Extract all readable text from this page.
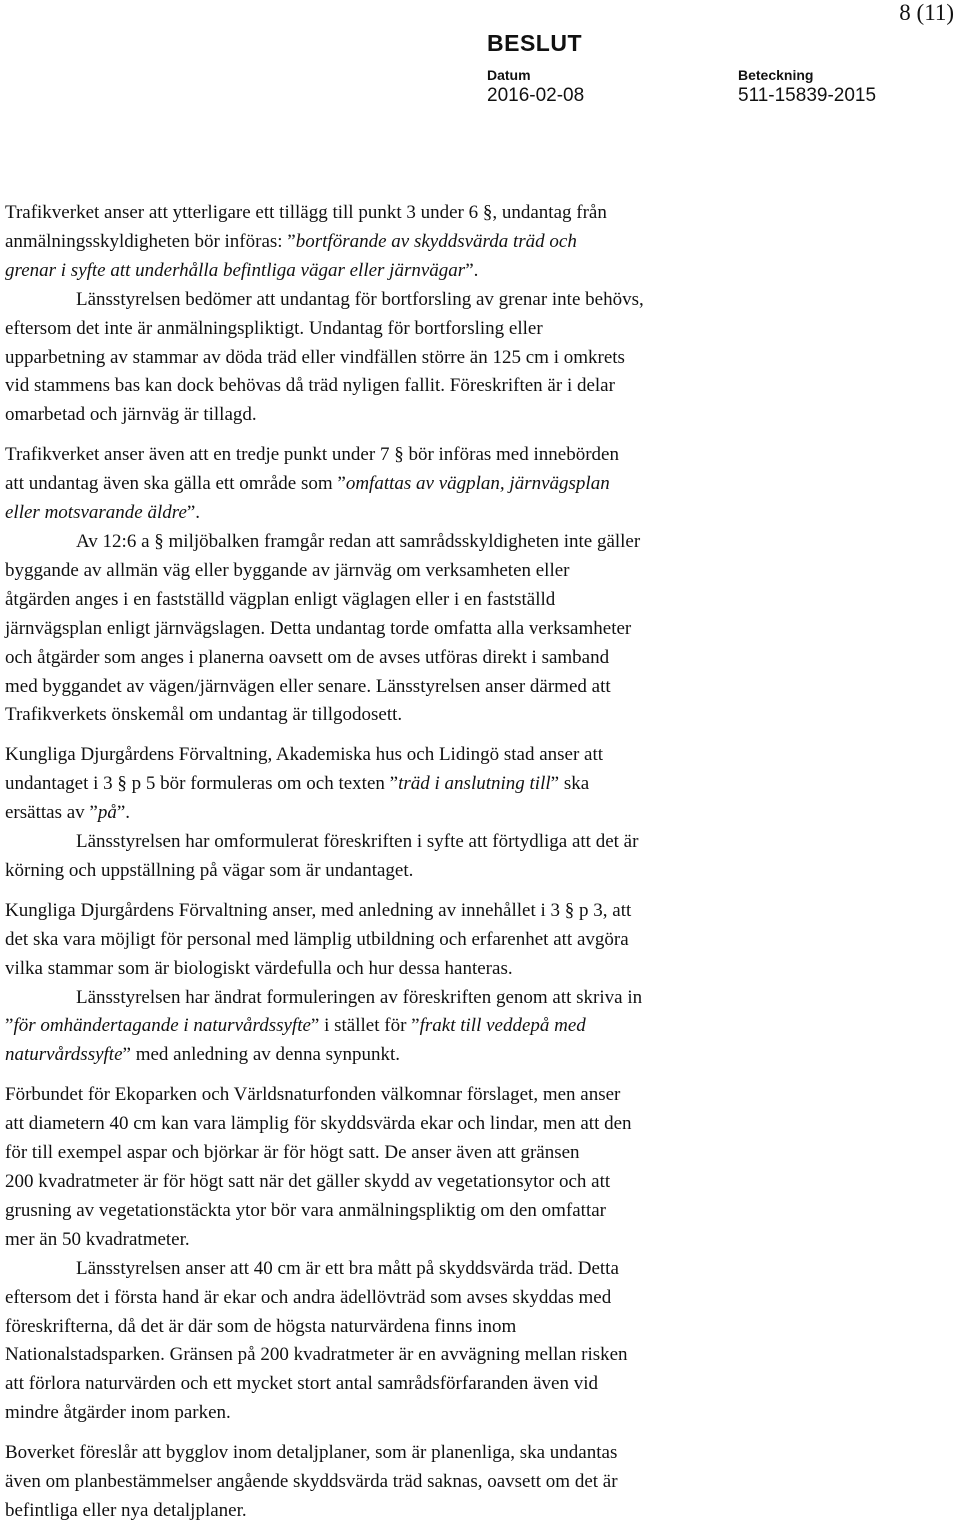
8 (11)
BESLUT
Datum
2016-02-08
Beteckning
511-15839-2015

Trafikverket anser att ytterligare ett tillägg till punkt 3 under 6 §, undantag från
anmälningsskyldigheten bör införas: ”bortförande av skyddsvärda träd och
grenar i syfte att underhålla befintliga vägar eller järnvägar”.
Länsstyrelsen bedömer att undantag för bortforsling av grenar inte behövs,
eftersom det inte är anmälningspliktigt. Undantag för bortforsling eller
upparbetning av stammar av döda träd eller vindfällen större än 125 cm i omkrets
vid stammens bas kan dock behövas då träd nyligen fallit. Föreskriften är i delar
omarbetad och järnväg är tillagd.

Trafikverket anser även att en tredje punkt under 7 § bör införas med innebörden
att undantag även ska gälla ett område som ”omfattas av vägplan, järnvägsplan
eller motsvarande äldre”.
Av 12:6 a § miljöbalken framgår redan att samrådsskyldigheten inte gäller
byggande av allmän väg eller byggande av järnväg om verksamheten eller
åtgärden anges i en fastställd vägplan enligt väglagen eller i en fastställd
järnvägsplan enligt järnvägslagen. Detta undantag torde omfatta alla verksamheter
och åtgärder som anges i planerna oavsett om de avses utföras direkt i samband
med byggandet av vägen/järnvägen eller senare. Länsstyrelsen anser därmed att
Trafikverkets önskemål om undantag är tillgodosett.

Kungliga Djurgårdens Förvaltning, Akademiska hus och Lidingö stad anser att
undantaget i 3 § p 5 bör formuleras om och texten ”träd i anslutning till” ska
ersättas av ”på”.
Länsstyrelsen har omformulerat föreskriften i syfte att förtydliga att det är
körning och uppställning på vägar som är undantaget.

Kungliga Djurgårdens Förvaltning anser, med anledning av innehållet i 3 § p 3, att
det ska vara möjligt för personal med lämplig utbildning och erfarenhet att avgöra
vilka stammar som är biologiskt värdefulla och hur dessa hanteras.
Länsstyrelsen har ändrat formuleringen av föreskriften genom att skriva in
”för omhändertagande i naturvårdssyfte” i stället för ”frakt till veddepå med
naturvårdssyfte” med anledning av denna synpunkt.

Förbundet för Ekoparken och Världsnaturfonden välkomnar förslaget, men anser
att diametern 40 cm kan vara lämplig för skyddsvärda ekar och lindar, men att den
för till exempel aspar och björkar är för högt satt. De anser även att gränsen
200 kvadratmeter är för högt satt när det gäller skydd av vegetationsytor och att
grusning av vegetationstäckta ytor bör vara anmälningspliktig om den omfattar
mer än 50 kvadratmeter.
Länsstyrelsen anser att 40 cm är ett bra mått på skyddsvärda träd. Detta
eftersom det i första hand är ekar och andra ädellövträd som avses skyddas med
föreskrifterna, då det är där som de högsta naturvärdena finns inom
Nationalstadsparken. Gränsen på 200 kvadratmeter är en avvägning mellan risken
att förlora naturvärden och ett mycket stort antal samrådsförfaranden även vid
mindre åtgärder inom parken.

Boverket föreslår att bygglov inom detaljplaner, som är planenliga, ska undantas
även om planbestämmelser angående skyddsvärda träd saknas, oavsett om det är
befintliga eller nya detaljplaner.
